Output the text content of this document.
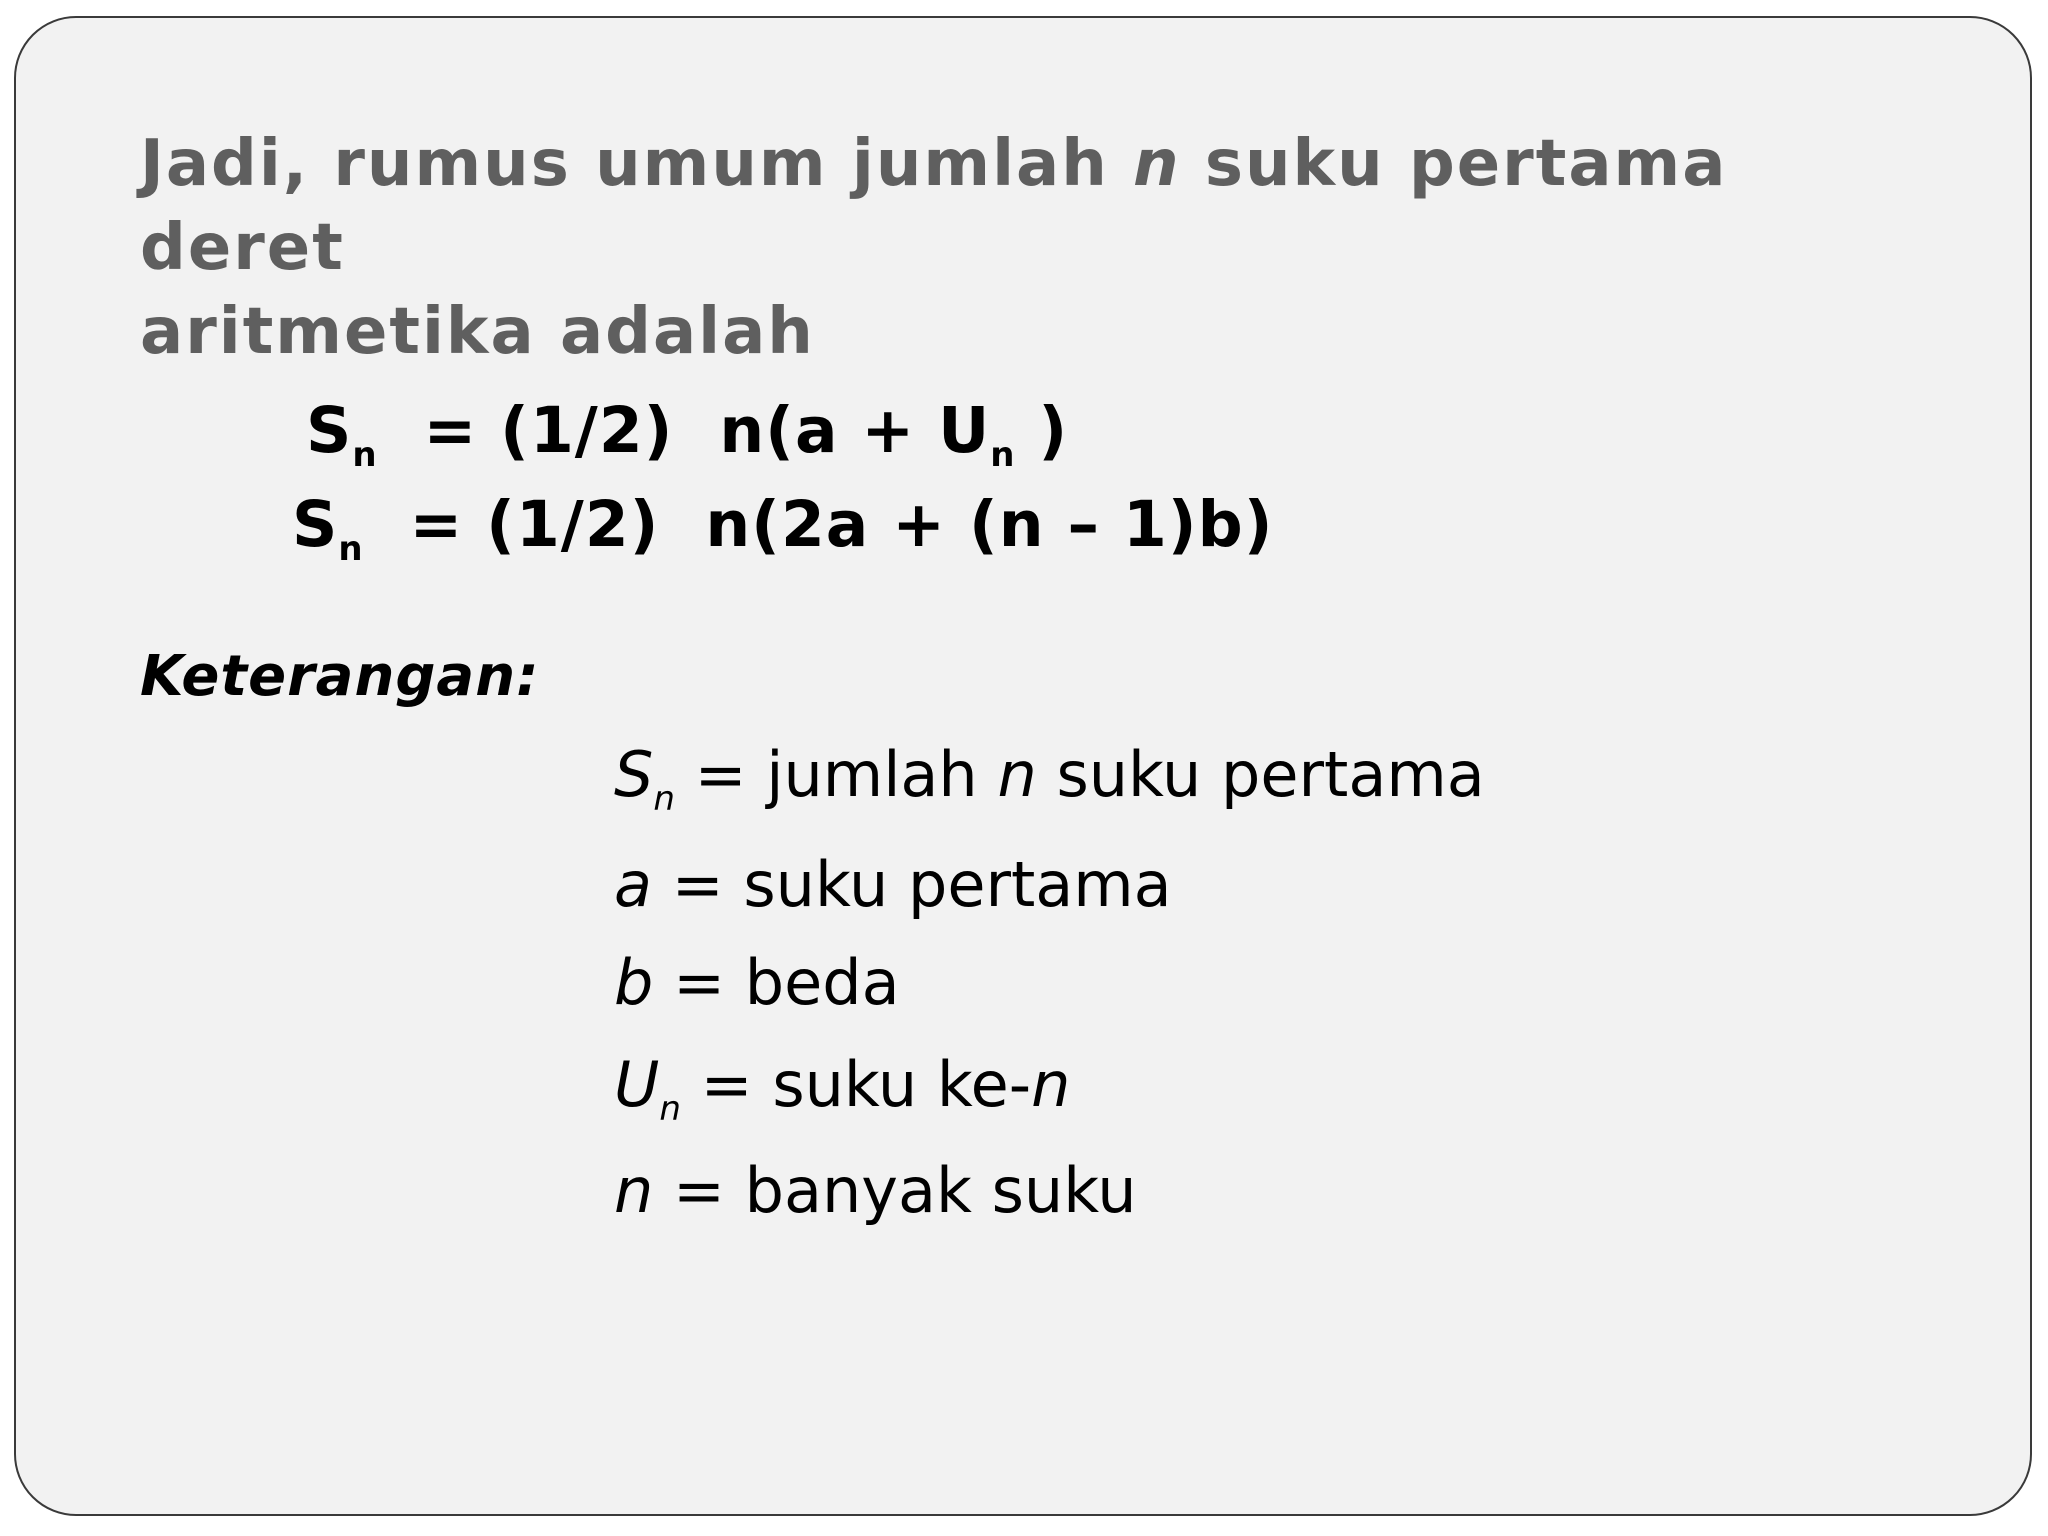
Jadi, rumus umum jumlah n suku pertama deret
aritmetika adalah

$S_n = (1/2) n(a + U_n$ )
$S_n = (1/2) n(2a + (n - 1)b)$
Keterangan:
$S_n$ = jumlah n suku pertama
a = suku pertama
b = beda
$U_n$ = suku ke-n
n = banyak suku
